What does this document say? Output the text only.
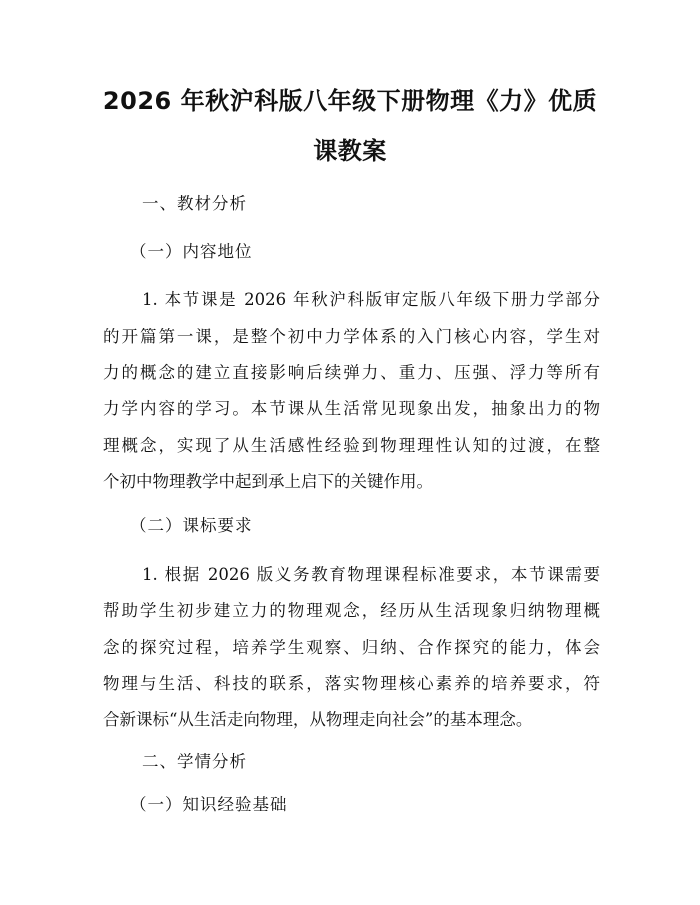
2026 年秋沪科版八年级下册物理《力》优质
课教案
一、教材分析
（一）内容地位
1. 本节课是 2026 年秋沪科版审定版八年级下册力学部分
的开篇第一课，是整个初中力学体系的入门核心内容，学生对
力的概念的建立直接影响后续弹力、重力、压强、浮力等所有
力学内容的学习。本节课从生活常见现象出发，抽象出力的物
理概念，实现了从生活感性经验到物理理性认知的过渡，在整
个初中物理教学中起到承上启下的关键作用。
（二）课标要求
1. 根据 2026 版义务教育物理课程标准要求，本节课需要
帮助学生初步建立力的物理观念，经历从生活现象归纳物理概
念的探究过程，培养学生观察、归纳、合作探究的能力，体会
物理与生活、科技的联系，落实物理核心素养的培养要求，符
合新课标“从生活走向物理，从物理走向社会”的基本理念。
二、学情分析
（一）知识经验基础
